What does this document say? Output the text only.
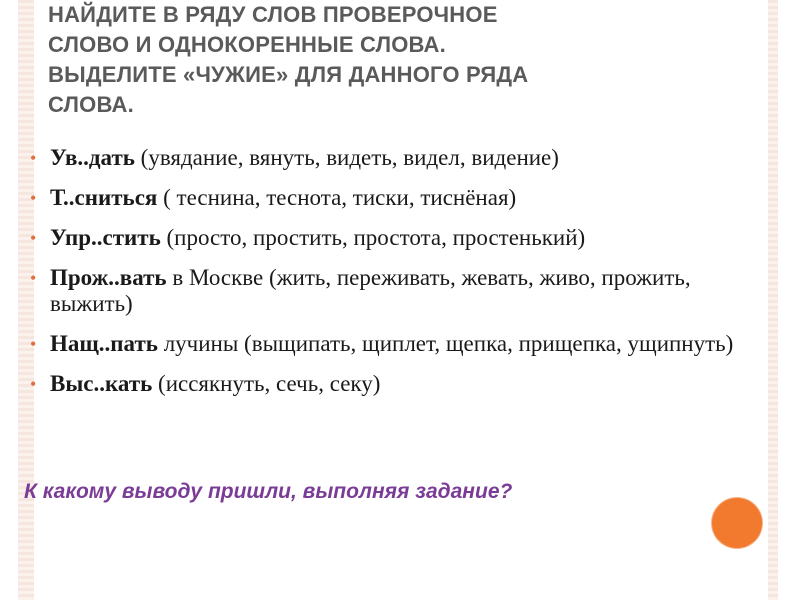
НАЙДИТЕ В РЯДУ СЛОВ ПРОВЕРОЧНОЕ
СЛОВО И ОДНОКОРЕННЫЕ СЛОВА.
ВЫДЕЛИТЕ «ЧУЖИЕ» ДЛЯ ДАННОГО РЯДА
СЛОВА.
• Ув..дать (увядание, вянуть, видеть, видел, видение)
• Т..сниться ( теснина, теснота, тиски, тиснёная)
• Упр..стить (просто, простить, простота, простенький)
• Прож..вать в Москве (жить, переживать, жевать, живо, прожить, выжить)
• Нащ..пать лучины (выщипать, щиплет, щепка, прищепка, ущипнуть)
• Выс..кать (иссякнуть, сечь, секу)
К какому выводу пришли, выполняя задание?
